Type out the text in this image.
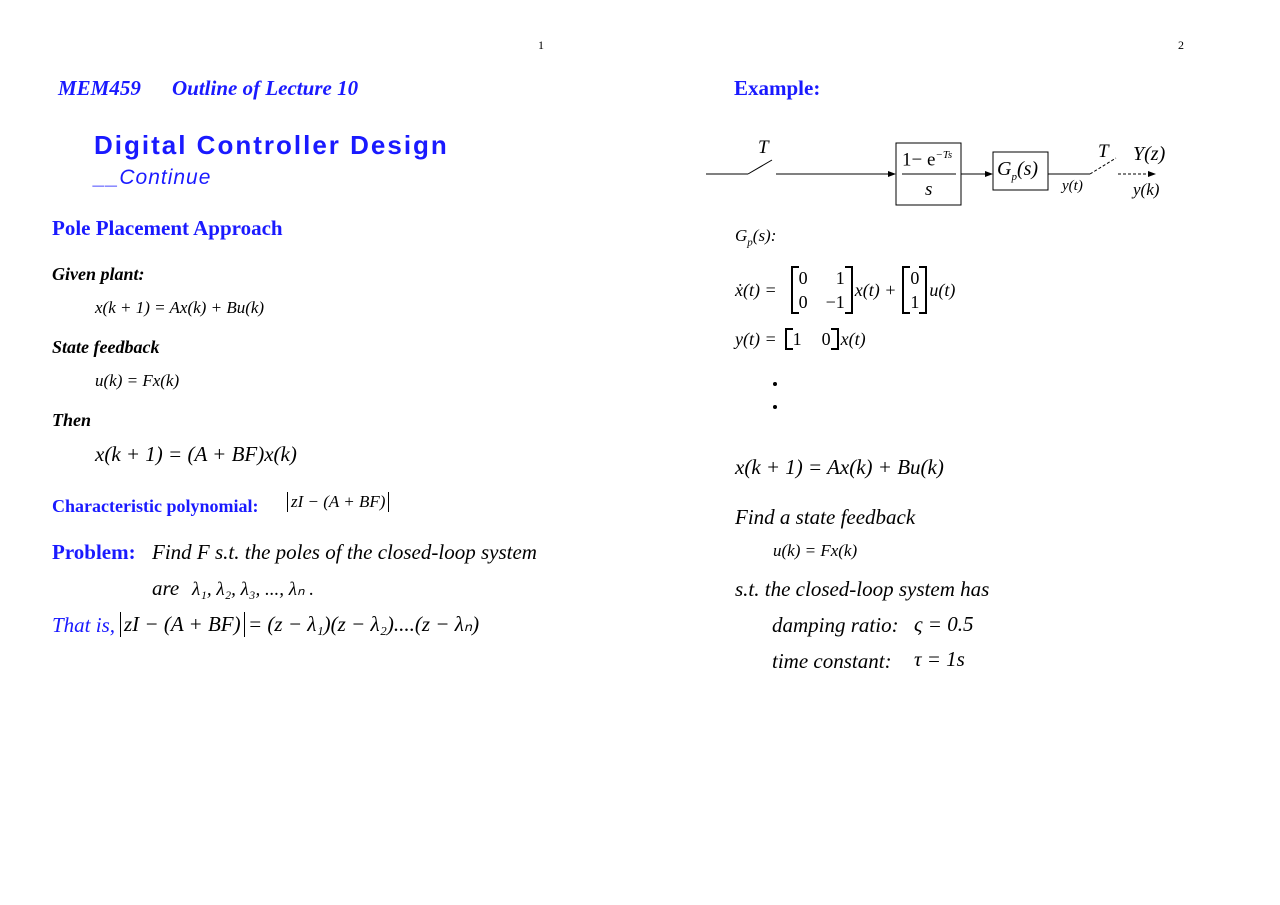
1	2
MEM459 Outline of Lecture 10
Digital Controller Design
__Continue
Pole Placement Approach
Given plant:
x(k + 1) = Ax(k) + Bu(k)
State feedback
u(k) = Fx(k)
Then
x(k + 1) = (A + BF)x(k)
Characteristic polynomial: zI − (A + BF)
Problem: Find F s.t. the poles of the closed-loop system
are λ₁, λ₂, λ₃, ..., λₙ .
That is, zI − (A + BF) = (z − λ₁)(z − λ₂)....(z − λₙ)
Example:
T
$1- e^{-Ts}$
s
$G_p(s)$
y(t)
T Y(z)
y(k)
$G_p(s)$:
ẋ(t) =
0 1
0 −1
x(t) +
0
1
u(t)
y(t) = 1 0 x(t)
x(k + 1) = Ax(k) + Bu(k)
Find a state feedback
u(k) = Fx(k)
s.t. the closed-loop system has
damping ratio: ς = 0.5
time constant: τ = 1s
